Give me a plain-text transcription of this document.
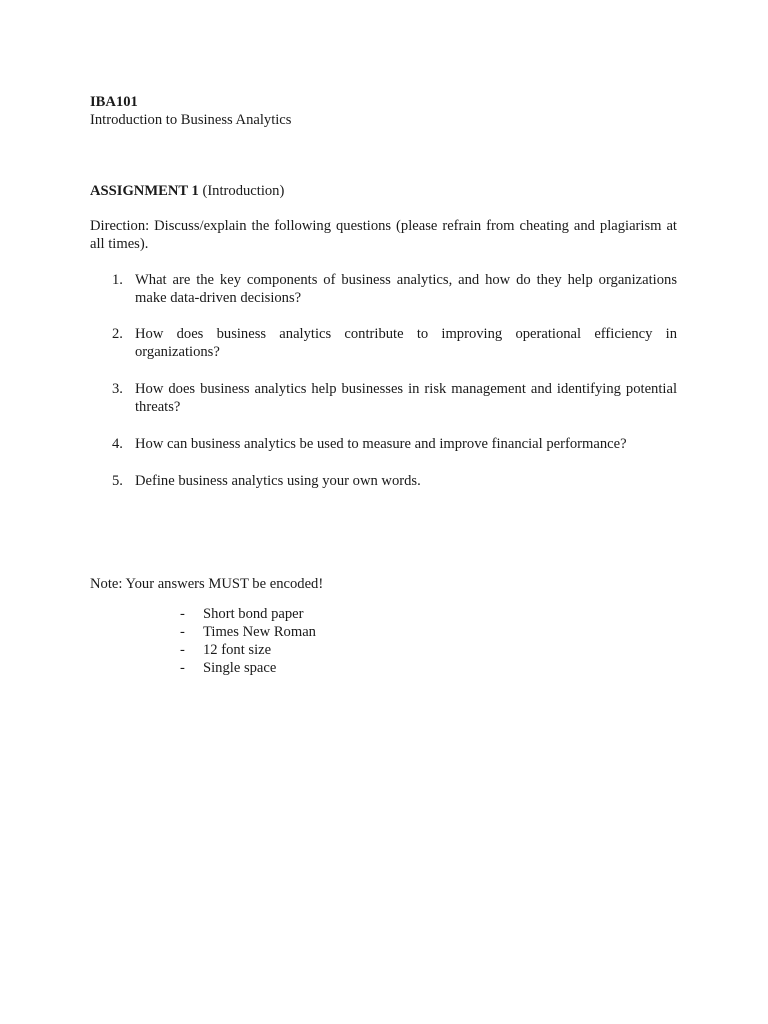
IBA101
Introduction to Business Analytics
ASSIGNMENT 1 (Introduction)
Direction: Discuss/explain the following questions (please refrain from cheating and plagiarism at all times).
1. What are the key components of business analytics, and how do they help organizations make data-driven decisions?
2. How does business analytics contribute to improving operational efficiency in organizations?
3. How does business analytics help businesses in risk management and identifying potential threats?
4. How can business analytics be used to measure and improve financial performance?
5. Define business analytics using your own words.
Note: Your answers MUST be encoded!
- Short bond paper
- Times New Roman
- 12 font size
- Single space
